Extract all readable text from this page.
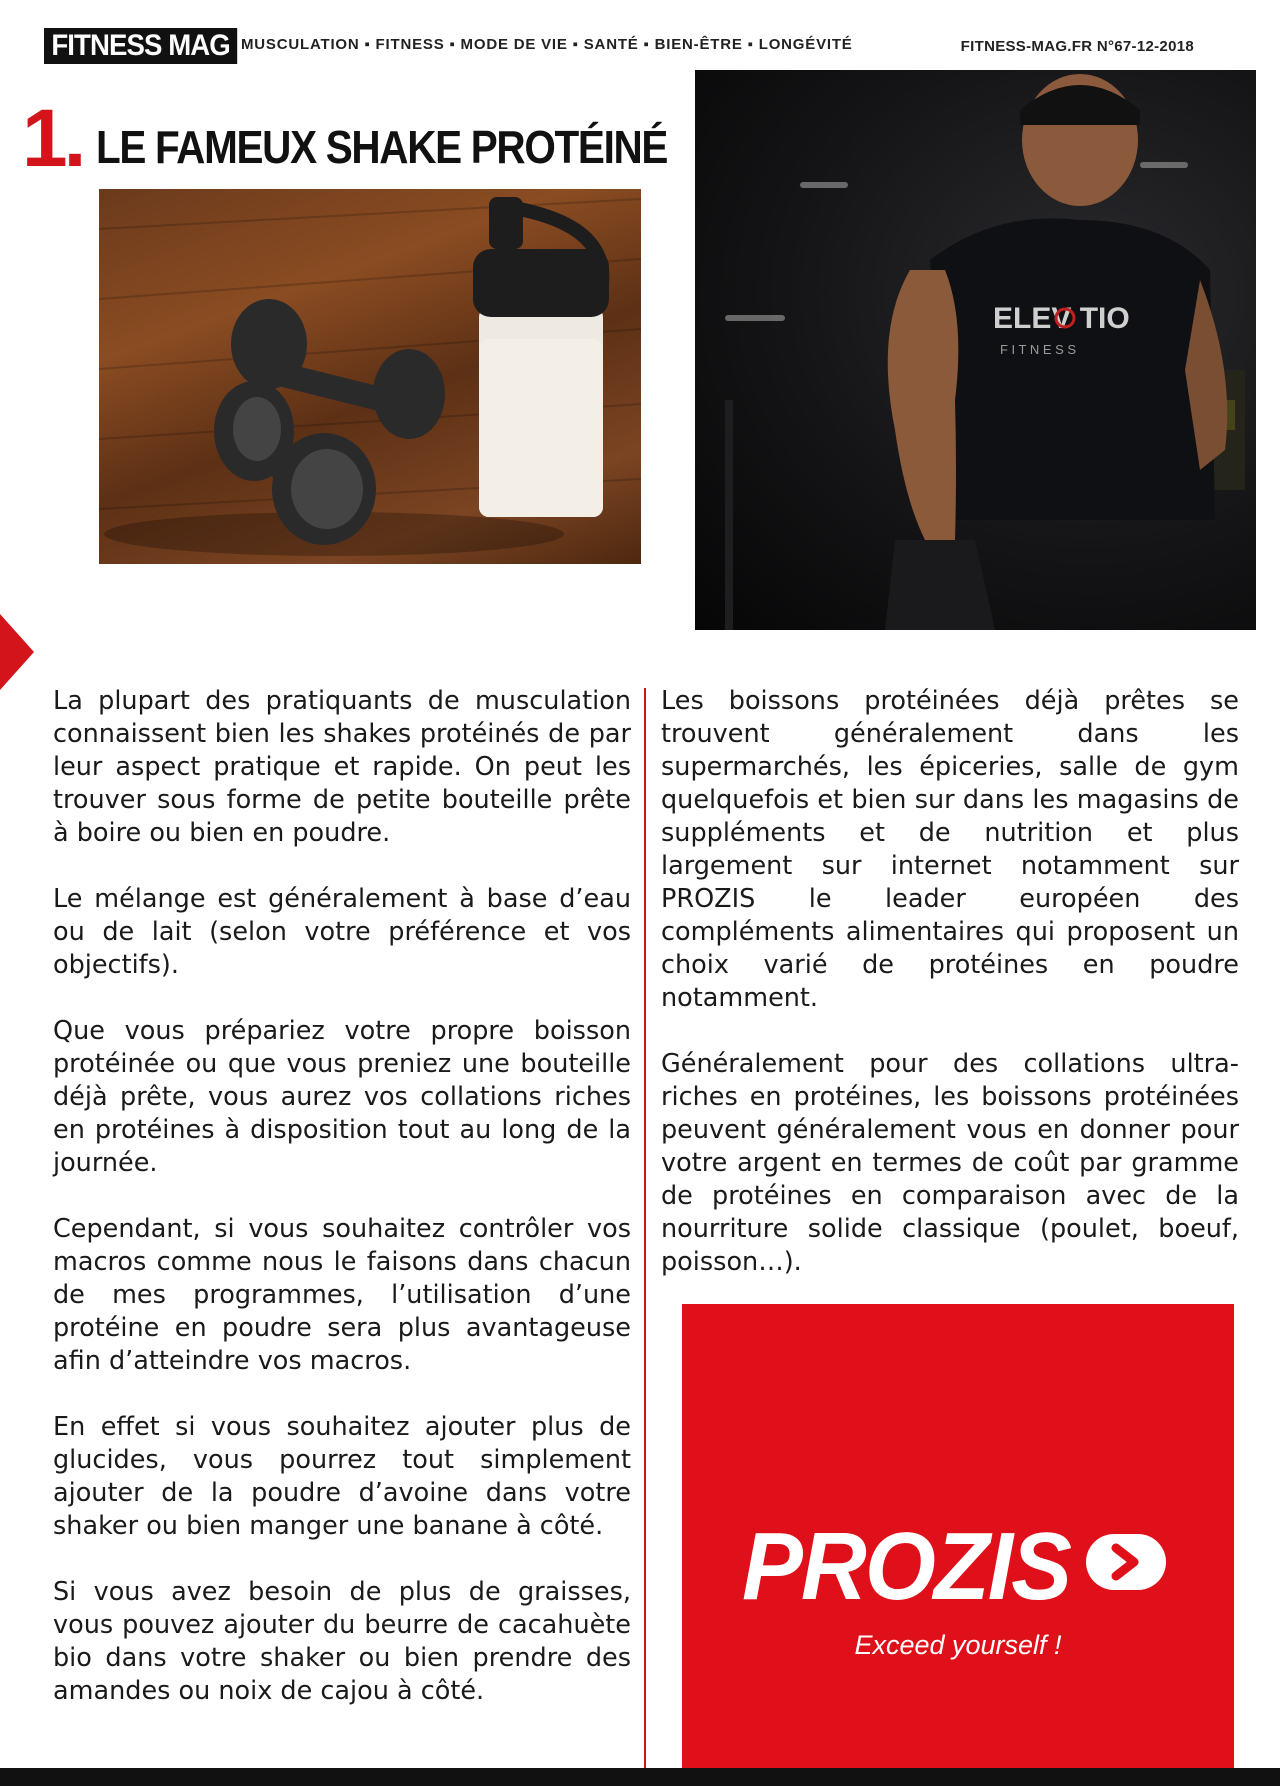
FITNESS MAG MUSCULATION ▪ FITNESS ▪ MODE DE VIE ▪ SANTÉ ▪ BIEN-ÊTRE ▪ LONGÉVITÉ	FITNESS-MAG.FR N°67-12-2018
1. LE FAMEUX SHAKE PROTÉINÉ
ELEV TIO
F I T N E S S

La plupart des pratiquants de musculation connaissent bien les shakes protéinés de par leur aspect pratique et rapide. On peut les trouver sous forme de petite bouteille prête à boire ou bien en poudre.

Le mélange est généralement à base d’eau ou de lait (selon votre préférence et vos objectifs).

Que vous prépariez votre propre boisson protéinée ou que vous preniez une bouteille déjà prête, vous aurez vos collations riches en protéines à disposition tout au long de la journée.

Cependant, si vous souhaitez contrôler vos macros comme nous le faisons dans chacun de mes programmes, l’utilisation d’une protéine en poudre sera plus avantageuse afin d’atteindre vos macros.

En effet si vous souhaitez ajouter plus de glucides, vous pourrez tout simplement ajouter de la poudre d’avoine dans votre shaker ou bien manger une banane à côté.

Si vous avez besoin de plus de graisses, vous pouvez ajouter du beurre de cacahuète bio dans votre shaker ou bien prendre des amandes ou noix de cajou à côté.

Les boissons protéinées déjà prêtes se trouvent généralement dans les supermarchés, les épiceries, salle de gym quelquefois et bien sur dans les magasins de suppléments et de nutrition et plus largement sur internet notamment sur PROZIS le leader européen des compléments alimentaires qui proposent un choix varié de protéines en poudre notamment.

Généralement pour des collations ultra-riches en protéines, les boissons protéinées peuvent généralement vous en donner pour votre argent en termes de coût par gramme de protéines en comparaison avec de la nourriture solide classique (poulet, boeuf, poisson…).

PROZIS
Exceed yourself !
